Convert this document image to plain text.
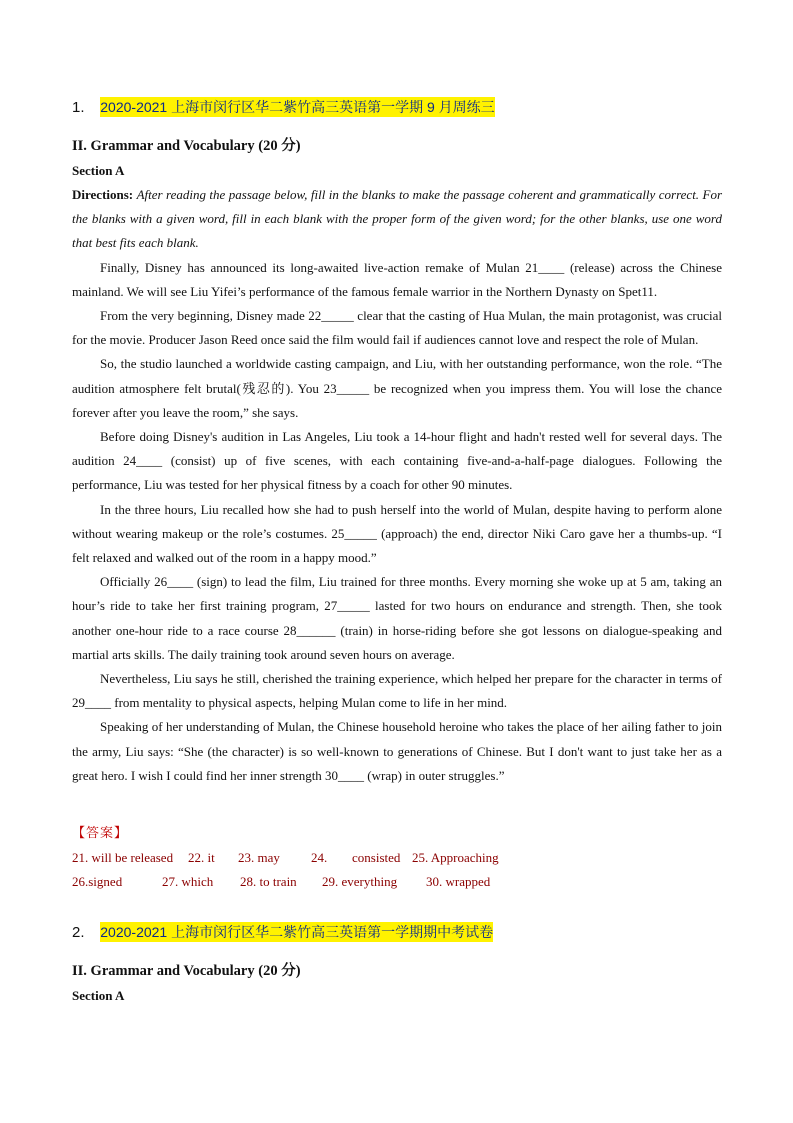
1. 2020-2021 上海市闵行区华二紫竹高三英语第一学期 9 月周练三
II. Grammar and Vocabulary (20 分)
Section A

Directions: After reading the passage below, fill in the blanks to make the passage coherent and grammatically correct. For the blanks with a given word, fill in each blank with the proper form of the given word; for the other blanks, use one word that best fits each blank.

Finally, Disney has announced its long-awaited live-action remake of Mulan 21____ (release) across the Chinese mainland. We will see Liu Yifei’s performance of the famous female warrior in the Northern Dynasty on Spet11.

From the very beginning, Disney made 22_____ clear that the casting of Hua Mulan, the main protagonist, was crucial for the movie. Producer Jason Reed once said the film would fail if audiences cannot love and respect the role of Mulan.

So, the studio launched a worldwide casting campaign, and Liu, with her outstanding performance, won the role. “The audition atmosphere felt brutal(残忍的). You 23_____ be recognized when you impress them. You will lose the chance forever after you leave the room,” she says.

Before doing Disney's audition in Las Angeles, Liu took a 14-hour flight and hadn't rested well for several days. The audition 24____ (consist) up of five scenes, with each containing five-and-a-half-page dialogues. Following the performance, Liu was tested for her physical fitness by a coach for other 90 minutes.

In the three hours, Liu recalled how she had to push herself into the world of Mulan, despite having to perform alone without wearing makeup or the role’s costumes. 25_____ (approach) the end, director Niki Caro gave her a thumbs-up. “I felt relaxed and walked out of the room in a happy mood.”

Officially 26____ (sign) to lead the film, Liu trained for three months. Every morning she woke up at 5 am, taking an hour’s ride to take her first training program, 27_____ lasted for two hours on endurance and strength. Then, she took another one-hour ride to a race course 28______ (train) in horse-riding before she got lessons on dialogue-speaking and martial arts skills. The daily training took around seven hours on average.

Nevertheless, Liu says he still, cherished the training experience, which helped her prepare for the character in terms of 29____ from mentality to physical aspects, helping Mulan come to life in her mind.

Speaking of her understanding of Mulan, the Chinese household heroine who takes the place of her ailing father to join the army, Liu says: “She (the character) is so well-known to generations of Chinese. But I don't want to just take her as a great hero. I wish I could find her inner strength 30____ (wrap) in outer struggles.”

【答案】
21. will be released 22. it 23. may 24. consisted 25. Approaching
26.signed	27. which 28. to train 29. everything 30. wrapped
2. 2020-2021 上海市闵行区华二紫竹高三英语第一学期期中考试卷
II. Grammar and Vocabulary (20 分)
Section A
